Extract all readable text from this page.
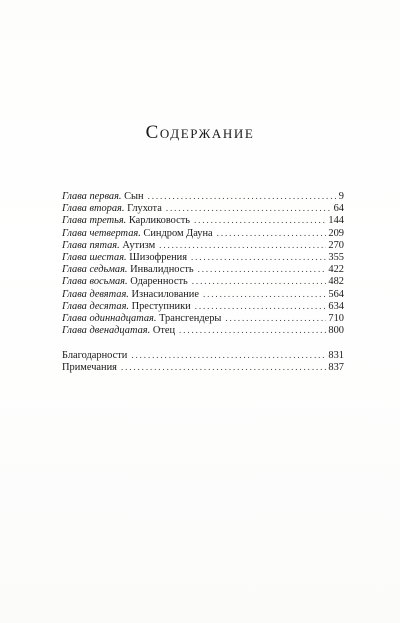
Содержание
Глава первая. Сын .....	9
Глава вторая. Глухота .....	64
Глава третья. Карликовость .....	144
Глава четвертая. Синдром Дауна .....	209
Глава пятая. Аутизм .....	270
Глава шестая. Шизофрения .....	355
Глава седьмая. Инвалидность .....	422
Глава восьмая. Одаренность .....	482
Глава девятая. Изнасилование .....	564
Глава десятая. Преступники .....	634
Глава одиннадцатая. Трансгендеры .....	710
Глава двенадцатая. Отец .....	800
Благодарности .....	831
Примечания .....	837
